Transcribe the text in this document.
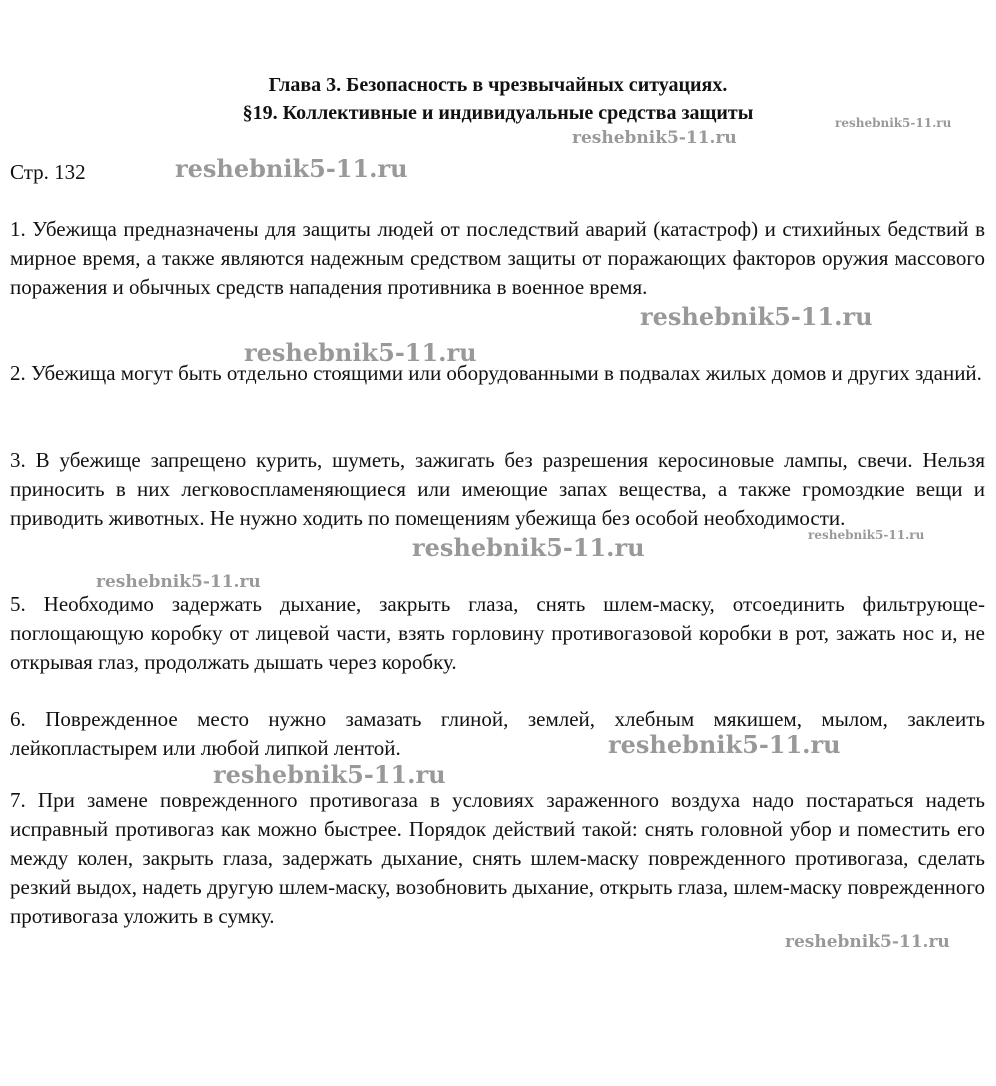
Глава 3. Безопасность в чрезвычайных ситуациях.
§19. Коллективные и индивидуальные средства защиты
Стр. 132

1. Убежища предназначены для защиты людей от последствий аварий (катастроф) и стихийных бедствий в мирное время, а также являются надежным средством защиты от поражающих факторов оружия массового поражения и обычных средств нападения противника в военное время.

2. Убежища могут быть отдельно стоящими или оборудованными в подвалах жилых домов и других зданий.

3. В убежище запрещено курить, шуметь, зажигать без разрешения керосиновые лампы, свечи. Нельзя приносить в них легковоспламеняющиеся или имеющие запах вещества, а также громоздкие вещи и приводить животных. Не нужно ходить по помещениям убежища без особой необходимости.

5. Необходимо задержать дыхание, закрыть глаза, снять шлем-маску, отсоединить фильтрующе-поглощающую коробку от лицевой части, взять горловину противогазовой коробки в рот, зажать нос и, не открывая глаз, продолжать дышать через коробку.

6. Поврежденное место нужно замазать глиной, землей, хлебным мякишем, мылом, заклеить лейкопластырем или любой липкой лентой.

7. При замене поврежденного противогаза в условиях зараженного воздуха надо постараться надеть исправный противогаз как можно быстрее. Порядок действий такой: снять головной убор и поместить его между колен, закрыть глаза, задержать дыхание, снять шлем-маску поврежденного противогаза, сделать резкий выдох, надеть другую шлем-маску, возобновить дыхание, открыть глаза, шлем-маску поврежденного противогаза уложить в сумку.

reshebnik5-11.ru
reshebnik5-11.ru
reshebnik5-11.ru
reshebnik5-11.ru
reshebnik5-11.ru
reshebnik5-11.ru	reshebnik5-11.ru
reshebnik5-11.ru
reshebnik5-11.ru
reshebnik5-11.ru
reshebnik5-11.ru
